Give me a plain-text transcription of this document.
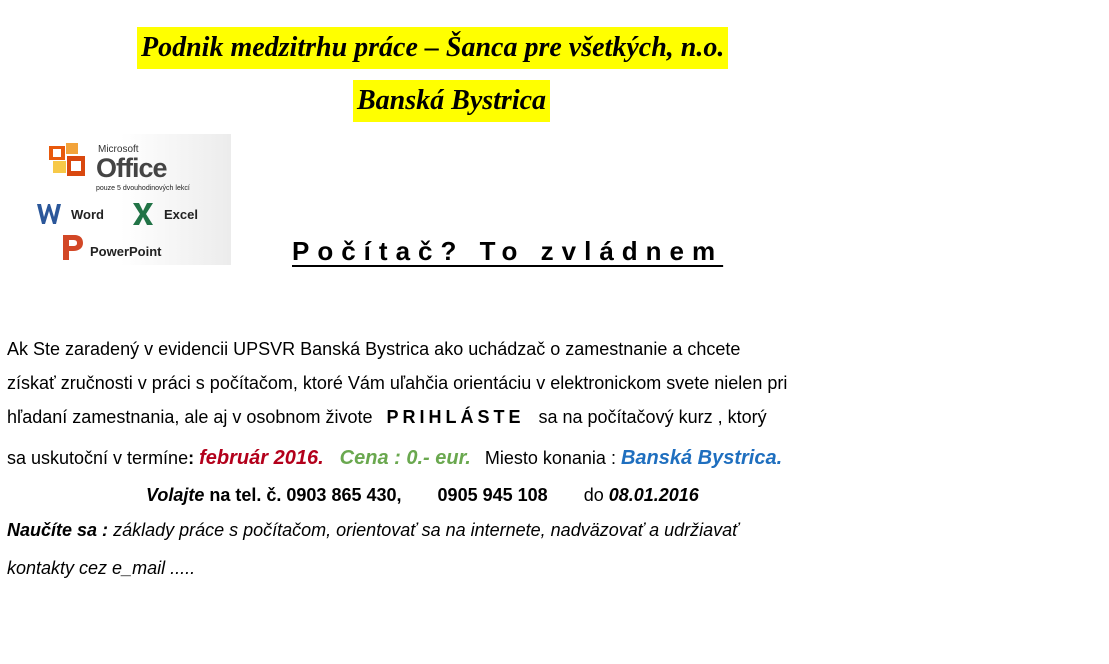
Podnik medzitrhu práce – Šanca pre všetkých, n.o.
Banská Bystrica
Microsoft
Office
pouze 5 dvouhodinových lekcí
Word	Excel
PowerPoint	Počítač? To zvládnem
Ak Ste zaradený v evidencii UPSVR Banská Bystrica ako uchádzač o zamestnanie a chcete
získať zručnosti v práci s počítačom, ktoré Vám uľahčia orientáciu v elektronickom svete nielen pri
hľadaní zamestnania, ale aj v osobnom živote PRIHLÁSTE sa na počítačový kurz , ktorý
sa uskutoční v termíne: február 2016. Cena : 0.- eur. Miesto konania : Banská Bystrica.
Volajte na tel. č. 0903 865 430, 0905 945 108 do 08.01.2016
Naučíte sa : základy práce s počítačom, orientovať sa na internete, nadväzovať a udržiavať
kontakty cez e_mail .....
